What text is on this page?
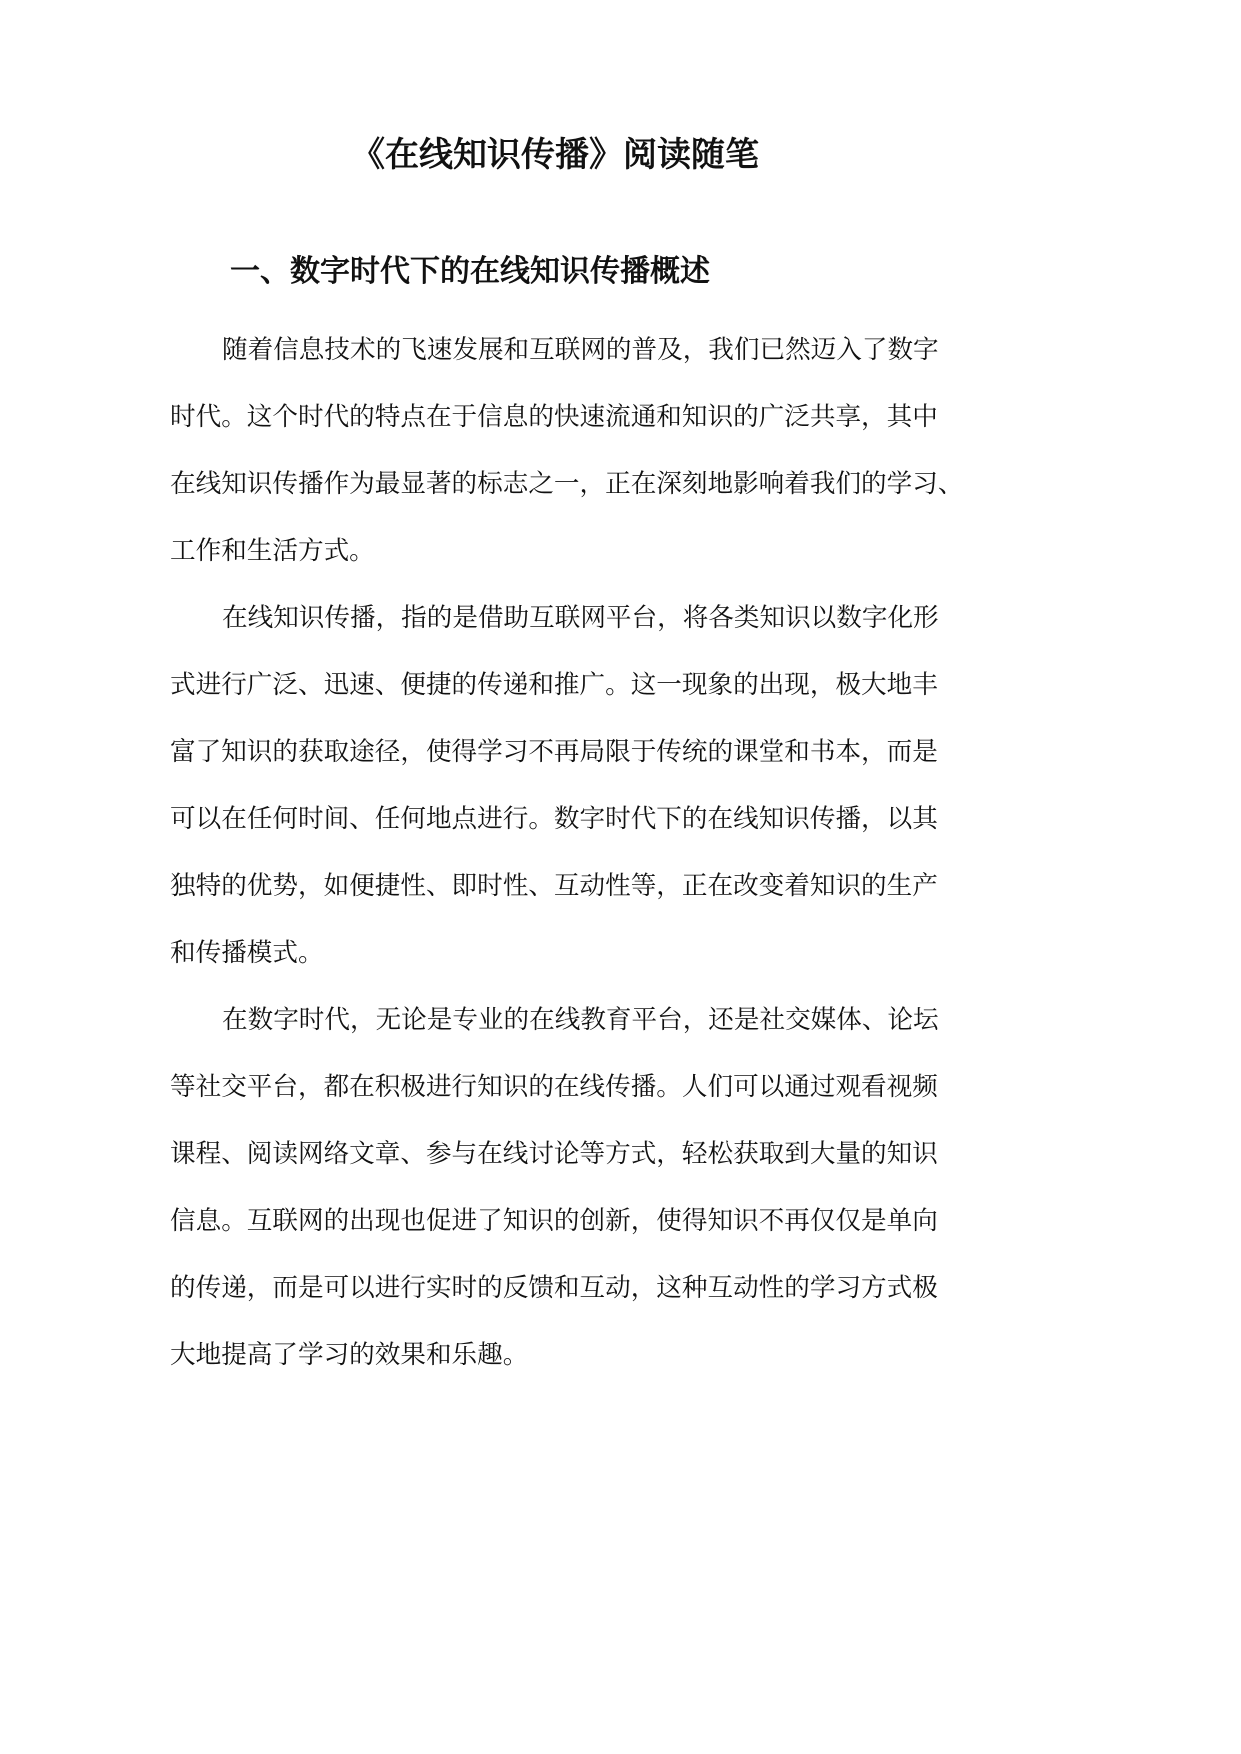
《在线知识传播》阅读随笔
一、数字时代下的在线知识传播概述
随着信息技术的飞速发展和互联网的普及，我们已然迈入了数字
时代。这个时代的特点在于信息的快速流通和知识的广泛共享，其中
在线知识传播作为最显著的标志之一，正在深刻地影响着我们的学习、
工作和生活方式。
在线知识传播，指的是借助互联网平台，将各类知识以数字化形
式进行广泛、迅速、便捷的传递和推广。这一现象的出现，极大地丰
富了知识的获取途径，使得学习不再局限于传统的课堂和书本，而是
可以在任何时间、任何地点进行。数字时代下的在线知识传播，以其
独特的优势，如便捷性、即时性、互动性等，正在改变着知识的生产
和传播模式。
在数字时代，无论是专业的在线教育平台，还是社交媒体、论坛
等社交平台，都在积极进行知识的在线传播。人们可以通过观看视频
课程、阅读网络文章、参与在线讨论等方式，轻松获取到大量的知识
信息。互联网的出现也促进了知识的创新，使得知识不再仅仅是单向
的传递，而是可以进行实时的反馈和互动，这种互动性的学习方式极
大地提高了学习的效果和乐趣。
